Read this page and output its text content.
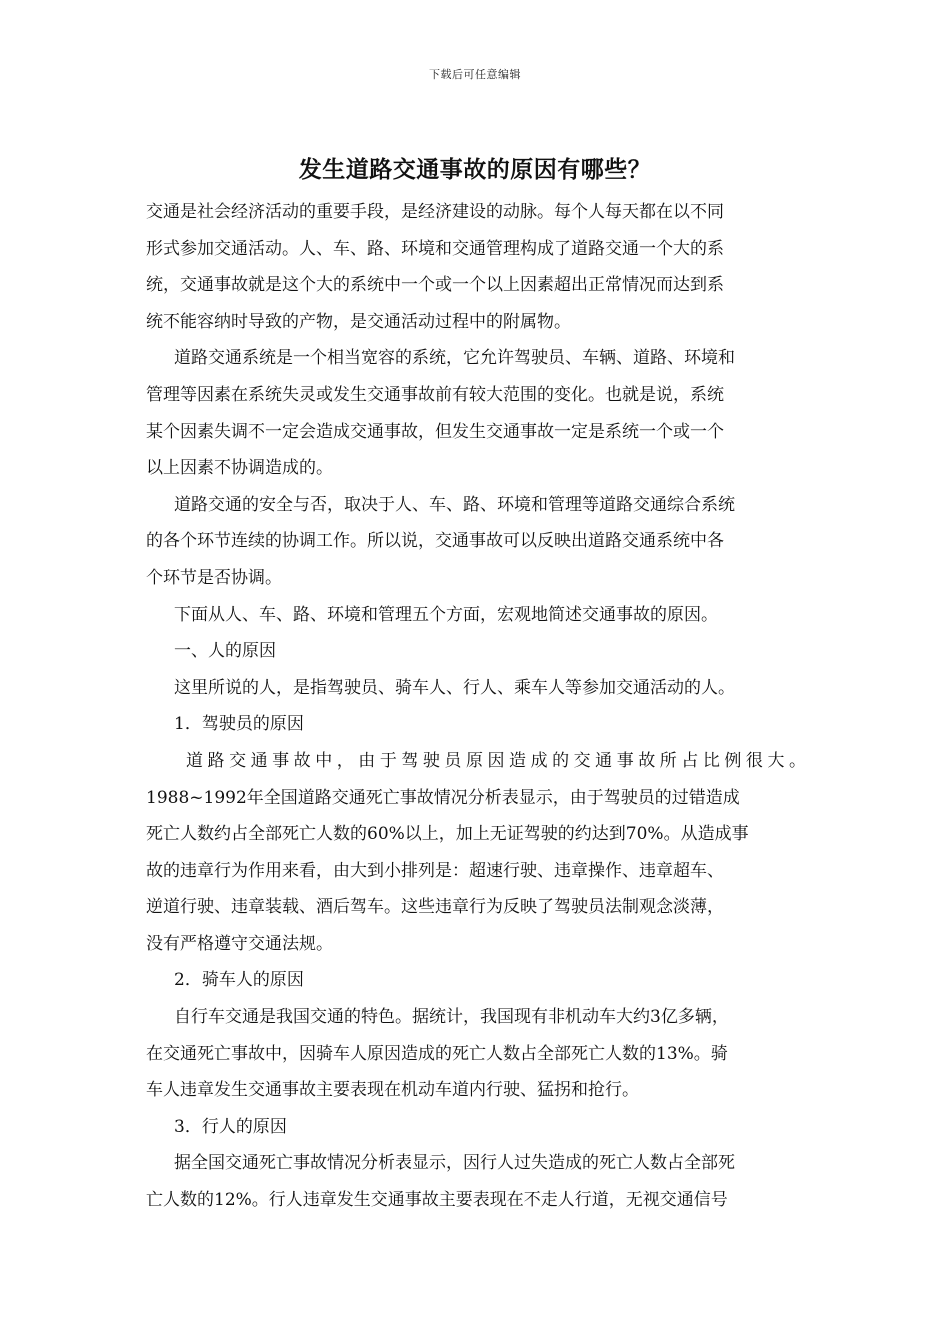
下载后可任意编辑
发生道路交通事故的原因有哪些？

交通是社会经济活动的重要手段，是经济建设的动脉。每个人每天都在以不同

形式参加交通活动。人、车、路、环境和交通管理构成了道路交通一个大的系

统，交通事故就是这个大的系统中一个或一个以上因素超出正常情况而达到系

统不能容纳时导致的产物，是交通活动过程中的附属物。

道路交通系统是一个相当宽容的系统，它允许驾驶员、车辆、道路、环境和

管理等因素在系统失灵或发生交通事故前有较大范围的变化。也就是说，系统

某个因素失调不一定会造成交通事故，但发生交通事故一定是系统一个或一个

以上因素不协调造成的。

道路交通的安全与否，取决于人、车、路、环境和管理等道路交通综合系统

的各个环节连续的协调工作。所以说，交通事故可以反映出道路交通系统中各

个环节是否协调。

下面从人、车、路、环境和管理五个方面，宏观地简述交通事故的原因。

一、人的原因

这里所说的人，是指驾驶员、骑车人、行人、乘车人等参加交通活动的人。

1．驾驶员的原因

道路交通事故中，由于驾驶员原因造成的交通事故所占比例很大。

1988~1992年全国道路交通死亡事故情况分析表显示，由于驾驶员的过错造成

死亡人数约占全部死亡人数的60%以上，加上无证驾驶的约达到70%。从造成事

故的违章行为作用来看，由大到小排列是：超速行驶、违章操作、违章超车、

逆道行驶、违章装载、酒后驾车。这些违章行为反映了驾驶员法制观念淡薄，

没有严格遵守交通法规。

2．骑车人的原因

自行车交通是我国交通的特色。据统计，我国现有非机动车大约3亿多辆，

在交通死亡事故中，因骑车人原因造成的死亡人数占全部死亡人数的13%。骑

车人违章发生交通事故主要表现在机动车道内行驶、猛拐和抢行。

3．行人的原因

据全国交通死亡事故情况分析表显示，因行人过失造成的死亡人数占全部死

亡人数的12%。行人违章发生交通事故主要表现在不走人行道，无视交通信号
